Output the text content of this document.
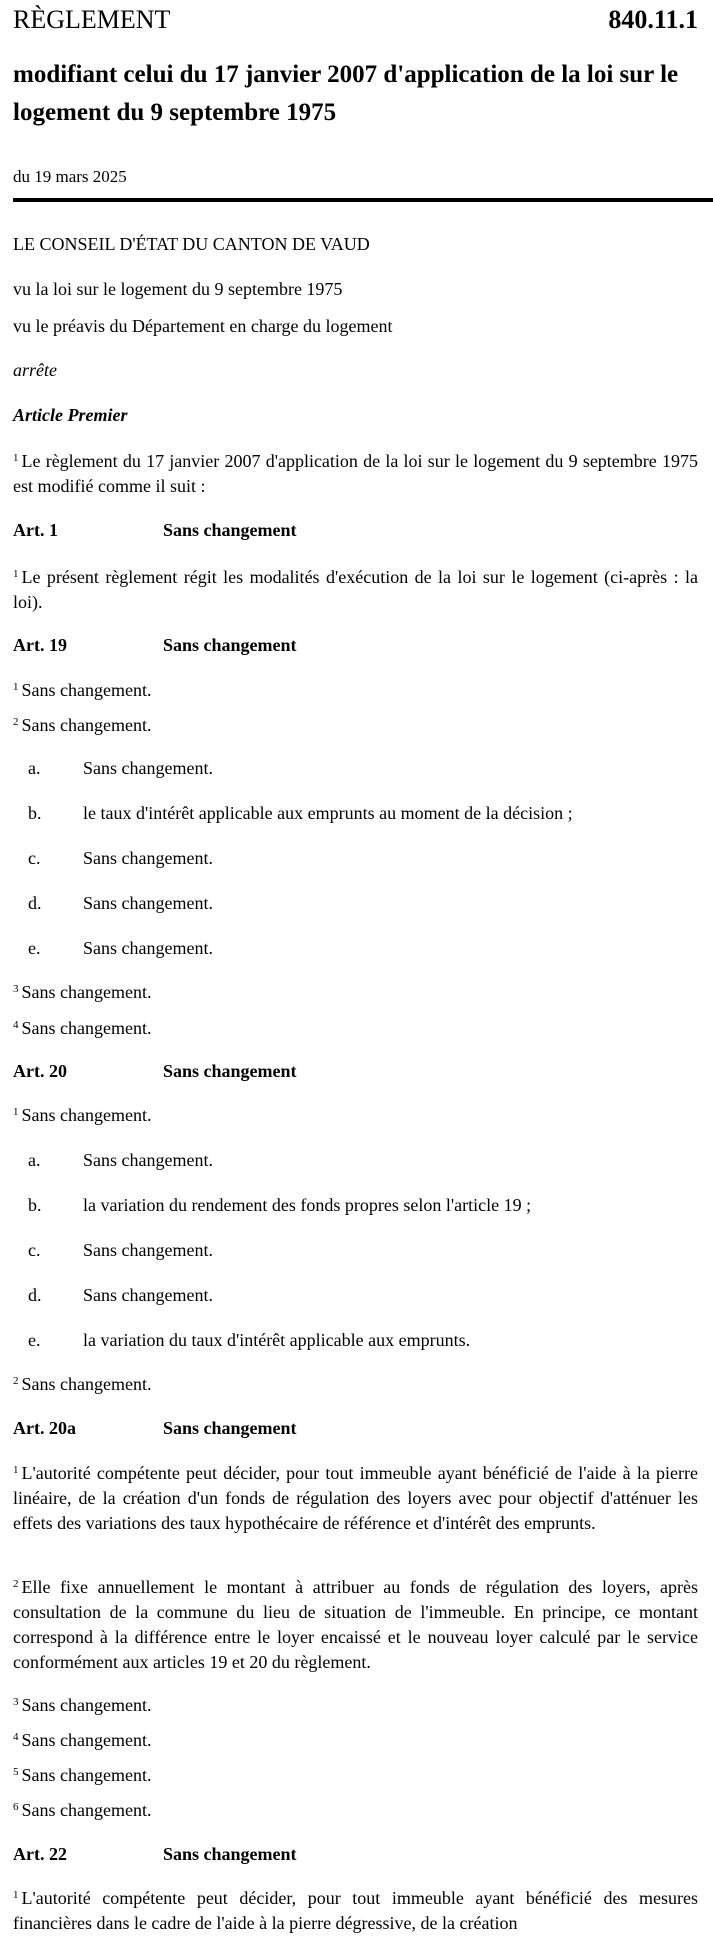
RÈGLEMENT	840.11.1
modifiant celui du 17 janvier 2007 d'application de la loi sur le logement du 9 septembre 1975
du 19 mars 2025
LE CONSEIL D'ÉTAT DU CANTON DE VAUD
vu la loi sur le logement du 9 septembre 1975
vu le préavis du Département en charge du logement
arrête
Article Premier
$^1$ Le règlement du 17 janvier 2007 d'application de la loi sur le logement du 9 septembre 1975 est modifié comme il suit :
Art. 1	Sans changement
$^1$ Le présent règlement régit les modalités d'exécution de la loi sur le logement (ci-après : la loi).
Art. 19	Sans changement
$^1$ Sans changement.
$^2$ Sans changement.
a. Sans changement.
b. le taux d'intérêt applicable aux emprunts au moment de la décision ;
c. Sans changement.
d. Sans changement.
e. Sans changement.
$^3$ Sans changement.
$^4$ Sans changement.
Art. 20	Sans changement
$^1$ Sans changement.
a. Sans changement.
b. la variation du rendement des fonds propres selon l'article 19 ;
c. Sans changement.
d. Sans changement.
e. la variation du taux d'intérêt applicable aux emprunts.
$^2$ Sans changement.
Art. 20a	Sans changement
$^1$ L'autorité compétente peut décider, pour tout immeuble ayant bénéficié de l'aide à la pierre linéaire, de la création d'un fonds de régulation des loyers avec pour objectif d'atténuer les effets des variations des taux hypothécaire de référence et d'intérêt des emprunts.
$^2$ Elle fixe annuellement le montant à attribuer au fonds de régulation des loyers, après consultation de la commune du lieu de situation de l'immeuble. En principe, ce montant correspond à la différence entre le loyer encaissé et le nouveau loyer calculé par le service conformément aux articles 19 et 20 du règlement.
$^3$ Sans changement.
$^4$ Sans changement.
$^5$ Sans changement.
$^6$ Sans changement.
Art. 22	Sans changement
$^1$ L'autorité compétente peut décider, pour tout immeuble ayant bénéficié des mesures financières dans le cadre de l'aide à la pierre dégressive, de la création
